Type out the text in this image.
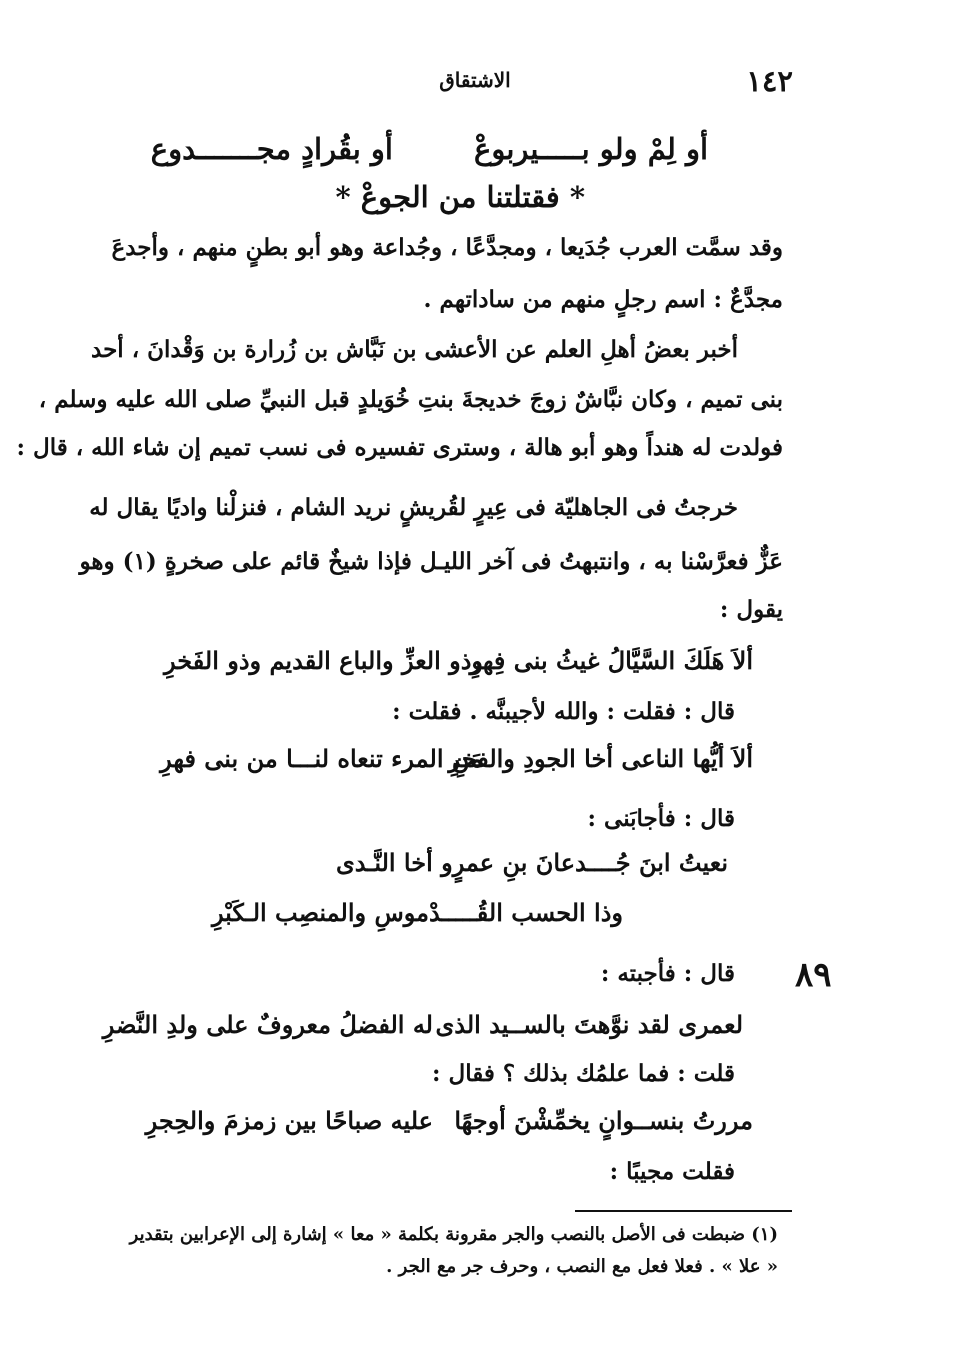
١٤٢
الاشتقاق
أو لِمْ ولو بـــــيربوعْ
أو بقُرادٍ مجـــــــدوع
* فقتلتنا من الجوعْ *
وقد سمَّت العرب جُدَيعا ، ومجدَّعًا ، وجُداعة وهو أبو بطنٍ منهم ، وأجدعَ
مجدَّعٌ : اسم رجلٍ منهم من ساداتهم .
أخبر بعضُ أهلِ العلم عن الأعشى بن نَبَّاش بن زُرارة بن وَقْدانَ ، أحد
بنى تميم ، وكان نبَّاشٌ زوجَ خديجةَ بنتِ خُوَيلدٍ قبل النبيِّ صلى الله عليه وسلم ،
فولدت له هنداً وهو أبو هالة ، وسترى تفسيره فى نسب تميم إن شاء الله ، قال :
خرجتُ فى الجاهليّة فى عِيرٍ لقُريشٍ نريد الشام ، فنزلْنا واديًا يقال له
عَزٌّ فعرَّسْنا به ، وانتبهتُ فى آخر الليـل فإذا شيخٌ قائم على صخرةٍ (١) وهو
يقول :
ألاَ هَلَكَ السَّيَّالُ غيثُ بنى فِهرِ
وذو العزِّ والباع القديم وذو الفَخرِ
قال : فقلت : والله لأجيبنَّه . فقلت :
ألاَ أيُّها الناعى أخا الجودِ والفخرِ
مَنِ المرء تنعاه لنـــا من بنى فهرِ
قال : فأجابَنى :
نعيتُ ابنَ جُــــدعانَ بنِ عمرٍو أخا النَّـدى
وذا الحسب القُـــــدْموسِ والمنصِب الـكَبْرِ
قال : فأجبته :
لعمرى لقد نوَّهتَ بالســيد الذى
له الفضلُ معروفٌ على ولدِ النَّضرِ
قلت : فما علمُك بذلك ؟ فقال :
مررتُ بنســوانٍ يخمِّشْنَ أوجهًا
عليه صباحًا بين زمزمَ والحِجرِ
فقلت مجيبًا :
٨٩
(١) ضبطت فى الأصل بالنصب والجر مقرونة بكلمة « معا » إشارة إلى الإعرابين بتقدير
« علا » . فعلا فعل مع النصب ، وحرف جر مع الجر .
